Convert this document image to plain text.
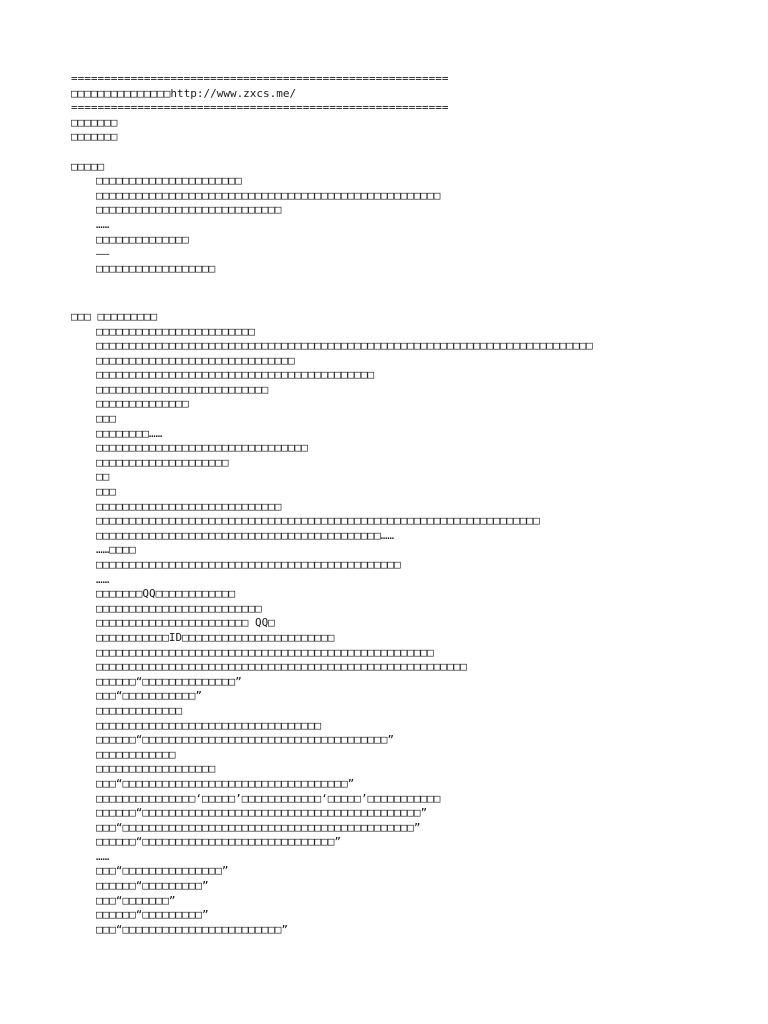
=========================================================
□□□□□□□□□□□□□□□http://www.zxcs.me/
=========================================================
□□□□□□□
□□□□□□□
□□□□□
□□□□□□□□□□□□□□□□□□□□□□
□□□□□□□□□□□□□□□□□□□□□□□□□□□□□□□□□□□□□□□□□□□□□□□□□□□□
□□□□□□□□□□□□□□□□□□□□□□□□□□□□
……
□□□□□□□□□□□□□□
——
□□□□□□□□□□□□□□□□□□
□□□ □□□□□□□□□
□□□□□□□□□□□□□□□□□□□□□□□□
□□□□□□□□□□□□□□□□□□□□□□□□□□□□□□□□□□□□□□□□□□□□□□□□□□□□□□□□□□□□□□□□□□□□□□□□□□□
□□□□□□□□□□□□□□□□□□□□□□□□□□□□□□
□□□□□□□□□□□□□□□□□□□□□□□□□□□□□□□□□□□□□□□□□□
□□□□□□□□□□□□□□□□□□□□□□□□□□
□□□□□□□□□□□□□□
□□□
□□□□□□□□……
□□□□□□□□□□□□□□□□□□□□□□□□□□□□□□□□
□□□□□□□□□□□□□□□□□□□□
□□
□□□
□□□□□□□□□□□□□□□□□□□□□□□□□□□□
□□□□□□□□□□□□□□□□□□□□□□□□□□□□□□□□□□□□□□□□□□□□□□□□□□□□□□□□□□□□□□□□□□□
□□□□□□□□□□□□□□□□□□□□□□□□□□□□□□□□□□□□□□□□□□□……
……□□□□
□□□□□□□□□□□□□□□□□□□□□□□□□□□□□□□□□□□□□□□□□□□□□□
……
□□□□□□□QQ□□□□□□□□□□□□
□□□□□□□□□□□□□□□□□□□□□□□□□
□□□□□□□□□□□□□□□□□□□□□□□ QQ□
□□□□□□□□□□□ID□□□□□□□□□□□□□□□□□□□□□□□
□□□□□□□□□□□□□□□□□□□□□□□□□□□□□□□□□□□□□□□□□□□□□□□□□□□
□□□□□□□□□□□□□□□□□□□□□□□□□□□□□□□□□□□□□□□□□□□□□□□□□□□□□□□□
□□□□□□“□□□□□□□□□□□□□□”
□□□“□□□□□□□□□□□”
□□□□□□□□□□□□□
□□□□□□□□□□□□□□□□□□□□□□□□□□□□□□□□□□
□□□□□□“□□□□□□□□□□□□□□□□□□□□□□□□□□□□□□□□□□□□□”
□□□□□□□□□□□□
□□□□□□□□□□□□□□□□□□
□□□“□□□□□□□□□□□□□□□□□□□□□□□□□□□□□□□□□□”
□□□□□□□□□□□□□□□‘□□□□□’□□□□□□□□□□□□‘□□□□□’□□□□□□□□□□□
□□□□□□“□□□□□□□□□□□□□□□□□□□□□□□□□□□□□□□□□□□□□□□□□□”
□□□“□□□□□□□□□□□□□□□□□□□□□□□□□□□□□□□□□□□□□□□□□□□□”
□□□□□□“□□□□□□□□□□□□□□□□□□□□□□□□□□□□□”
……
□□□“□□□□□□□□□□□□□□□”
□□□□□□“□□□□□□□□□”
□□□“□□□□□□□”
□□□□□□“□□□□□□□□□”
□□□“□□□□□□□□□□□□□□□□□□□□□□□□”
